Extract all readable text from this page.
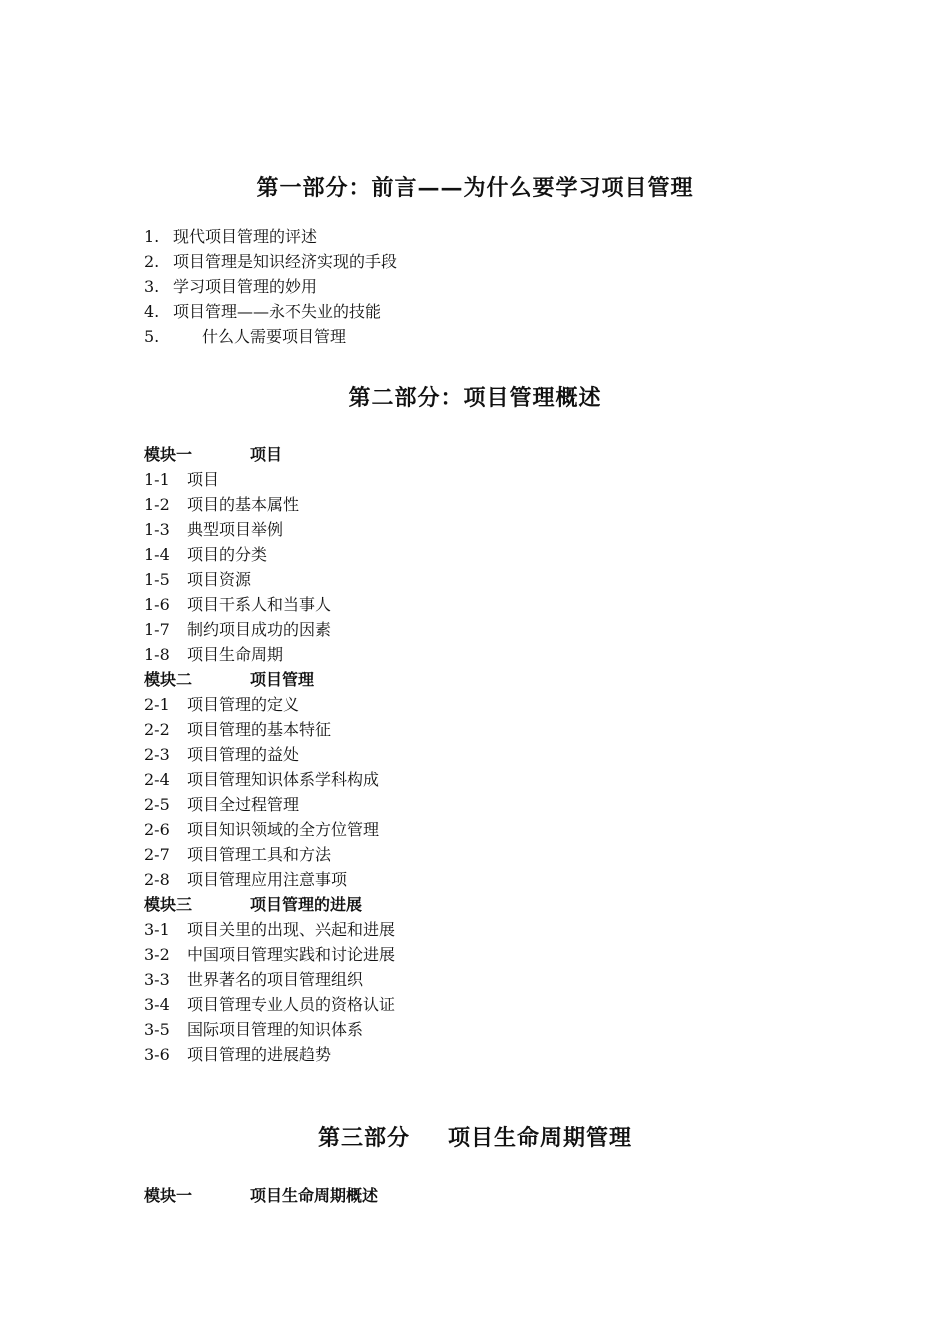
第一部分：前言——为什么要学习项目管理
1. 现代项目管理的评述
2. 项目管理是知识经济实现的手段
3. 学习项目管理的妙用
4. 项目管理——永不失业的技能
5.	什么人需要项目管理
第二部分：项目管理概述
模块一	项目
1-1 项目
1-2 项目的基本属性
1-3 典型项目举例
1-4 项目的分类
1-5 项目资源
1-6 项目干系人和当事人
1-7 制约项目成功的因素
1-8 项目生命周期
模块二	项目管理
2-1 项目管理的定义
2-2 项目管理的基本特征
2-3 项目管理的益处
2-4 项目管理知识体系学科构成
2-5 项目全过程管理
2-6 项目知识领域的全方位管理
2-7 项目管理工具和方法
2-8 项目管理应用注意事项
模块三	项目管理的进展
3-1 项目关里的出现、兴起和进展
3-2 中国项目管理实践和讨论进展
3-3 世界著名的项目管理组织
3-4 项目管理专业人员的资格认证
3-5 国际项目管理的知识体系
3-6 项目管理的进展趋势
第三部分 项目生命周期管理
模块一	项目生命周期概述
